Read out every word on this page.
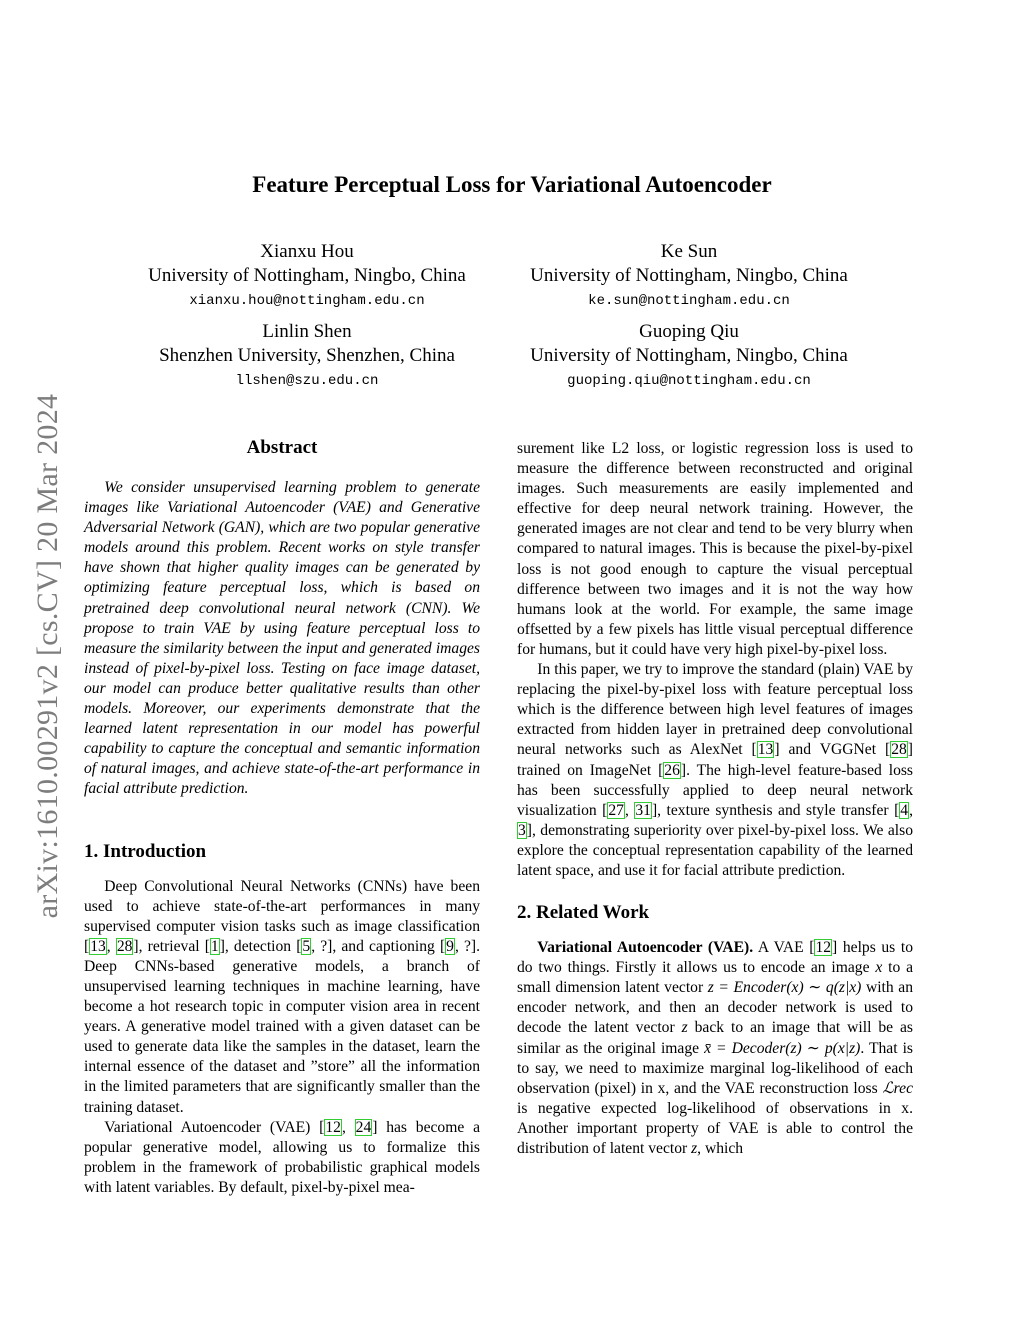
arXiv:1610.00291v2 [cs.CV] 20 Mar 2024
Feature Perceptual Loss for Variational Autoencoder
Xianxu Hou
University of Nottingham, Ningbo, China
xianxu.hou@nottingham.edu.cn
Ke Sun
University of Nottingham, Ningbo, China
ke.sun@nottingham.edu.cn
Linlin Shen
Shenzhen University, Shenzhen, China
llshen@szu.edu.cn
Guoping Qiu
University of Nottingham, Ningbo, China
guoping.qiu@nottingham.edu.cn
Abstract

We consider unsupervised learning problem to generate images like Variational Autoencoder (VAE) and Generative Adversarial Network (GAN), which are two popular generative models around this problem. Recent works on style transfer have shown that higher quality images can be generated by optimizing feature perceptual loss, which is based on pretrained deep convolutional neural network (CNN). We propose to train VAE by using feature perceptual loss to measure the similarity between the input and generated images instead of pixel-by-pixel loss. Testing on face image dataset, our model can produce better qualitative results than other models. Moreover, our experiments demonstrate that the learned latent representation in our model has powerful capability to capture the conceptual and semantic information of natural images, and achieve state-of-the-art performance in facial attribute prediction.

1. Introduction

Deep Convolutional Neural Networks (CNNs) have been used to achieve state-of-the-art performances in many supervised computer vision tasks such as image classification [13, 28], retrieval [1], detection [5, ?], and captioning [9, ?]. Deep CNNs-based generative models, a branch of unsupervised learning techniques in machine learning, have become a hot research topic in computer vision area in recent years. A generative model trained with a given dataset can be used to generate data like the samples in the dataset, learn the internal essence of the dataset and ”store” all the information in the limited parameters that are significantly smaller than the training dataset.

Variational Autoencoder (VAE) [12, 24] has become a popular generative model, allowing us to formalize this problem in the framework of probabilistic graphical models with latent variables. By default, pixel-by-pixel mea-

surement like L2 loss, or logistic regression loss is used to measure the difference between reconstructed and original images. Such measurements are easily implemented and effective for deep neural network training. However, the generated images are not clear and tend to be very blurry when compared to natural images. This is because the pixel-by-pixel loss is not good enough to capture the visual perceptual difference between two images and it is not the way how humans look at the world. For example, the same image offsetted by a few pixels has little visual perceptual difference for humans, but it could have very high pixel-by-pixel loss.

In this paper, we try to improve the standard (plain) VAE by replacing the pixel-by-pixel loss with feature perceptual loss which is the difference between high level features of images extracted from hidden layer in pretrained deep convolutional neural networks such as AlexNet [13] and VGGNet [28] trained on ImageNet [26]. The high-level feature-based loss has been successfully applied to deep neural network visualization [27, 31], texture synthesis and style transfer [4, 3], demonstrating superiority over pixel-by-pixel loss. We also explore the conceptual representation capability of the learned latent space, and use it for facial attribute prediction.

2. Related Work

Variational Autoencoder (VAE). A VAE [12] helps us to do two things. Firstly it allows us to encode an image x to a small dimension latent vector z = Encoder(x) ∼ q(z|x) with an encoder network, and then an decoder network is used to decode the latent vector z back to an image that will be as similar as the original image x̄ = Decoder(z) ∼ p(x|z). That is to say, we need to maximize marginal log-likelihood of each observation (pixel) in x, and the VAE reconstruction loss ℒrec is negative expected log-likelihood of observations in x. Another important property of VAE is able to control the distribution of latent vector z, which
